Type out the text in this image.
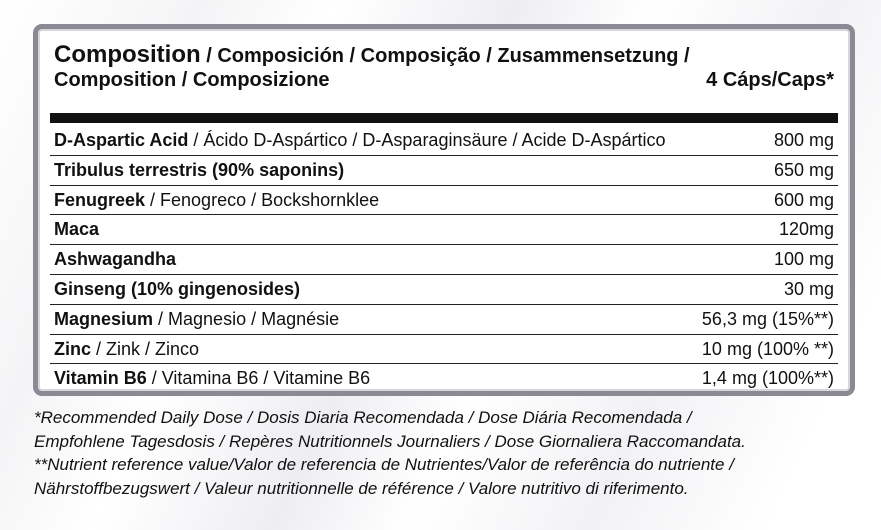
Composition / Composición / Composição / Zusammensetzung /
Composition / Composizione	4 Cáps/Caps*
D-Aspartic Acid / Ácido D-Aspártico / D-Asparaginsäure / Acide D-Aspártico	800 mg
Tribulus terrestris (90% saponins)	650 mg
Fenugreek / Fenogreco / Bockshornklee	600 mg
Maca	120mg
Ashwagandha	100 mg
Ginseng (10% gingenosides)	30 mg
Magnesium / Magnesio / Magnésie	56,3 mg (15%**)
Zinc / Zink / Zinco	10 mg (100% **)
Vitamin B6 / Vitamina B6 / Vitamine B6	1,4 mg (100%**)
*Recommended Daily Dose / Dosis Diaria Recomendada / Dose Diária Recomendada /
Empfohlene Tagesdosis / Repères Nutritionnels Journaliers / Dose Giornaliera Raccomandata.
**Nutrient reference value/Valor de referencia de Nutrientes/Valor de referência do nutriente /
Nährstoffbezugswert / Valeur nutritionnelle de référence / Valore nutritivo di riferimento.
